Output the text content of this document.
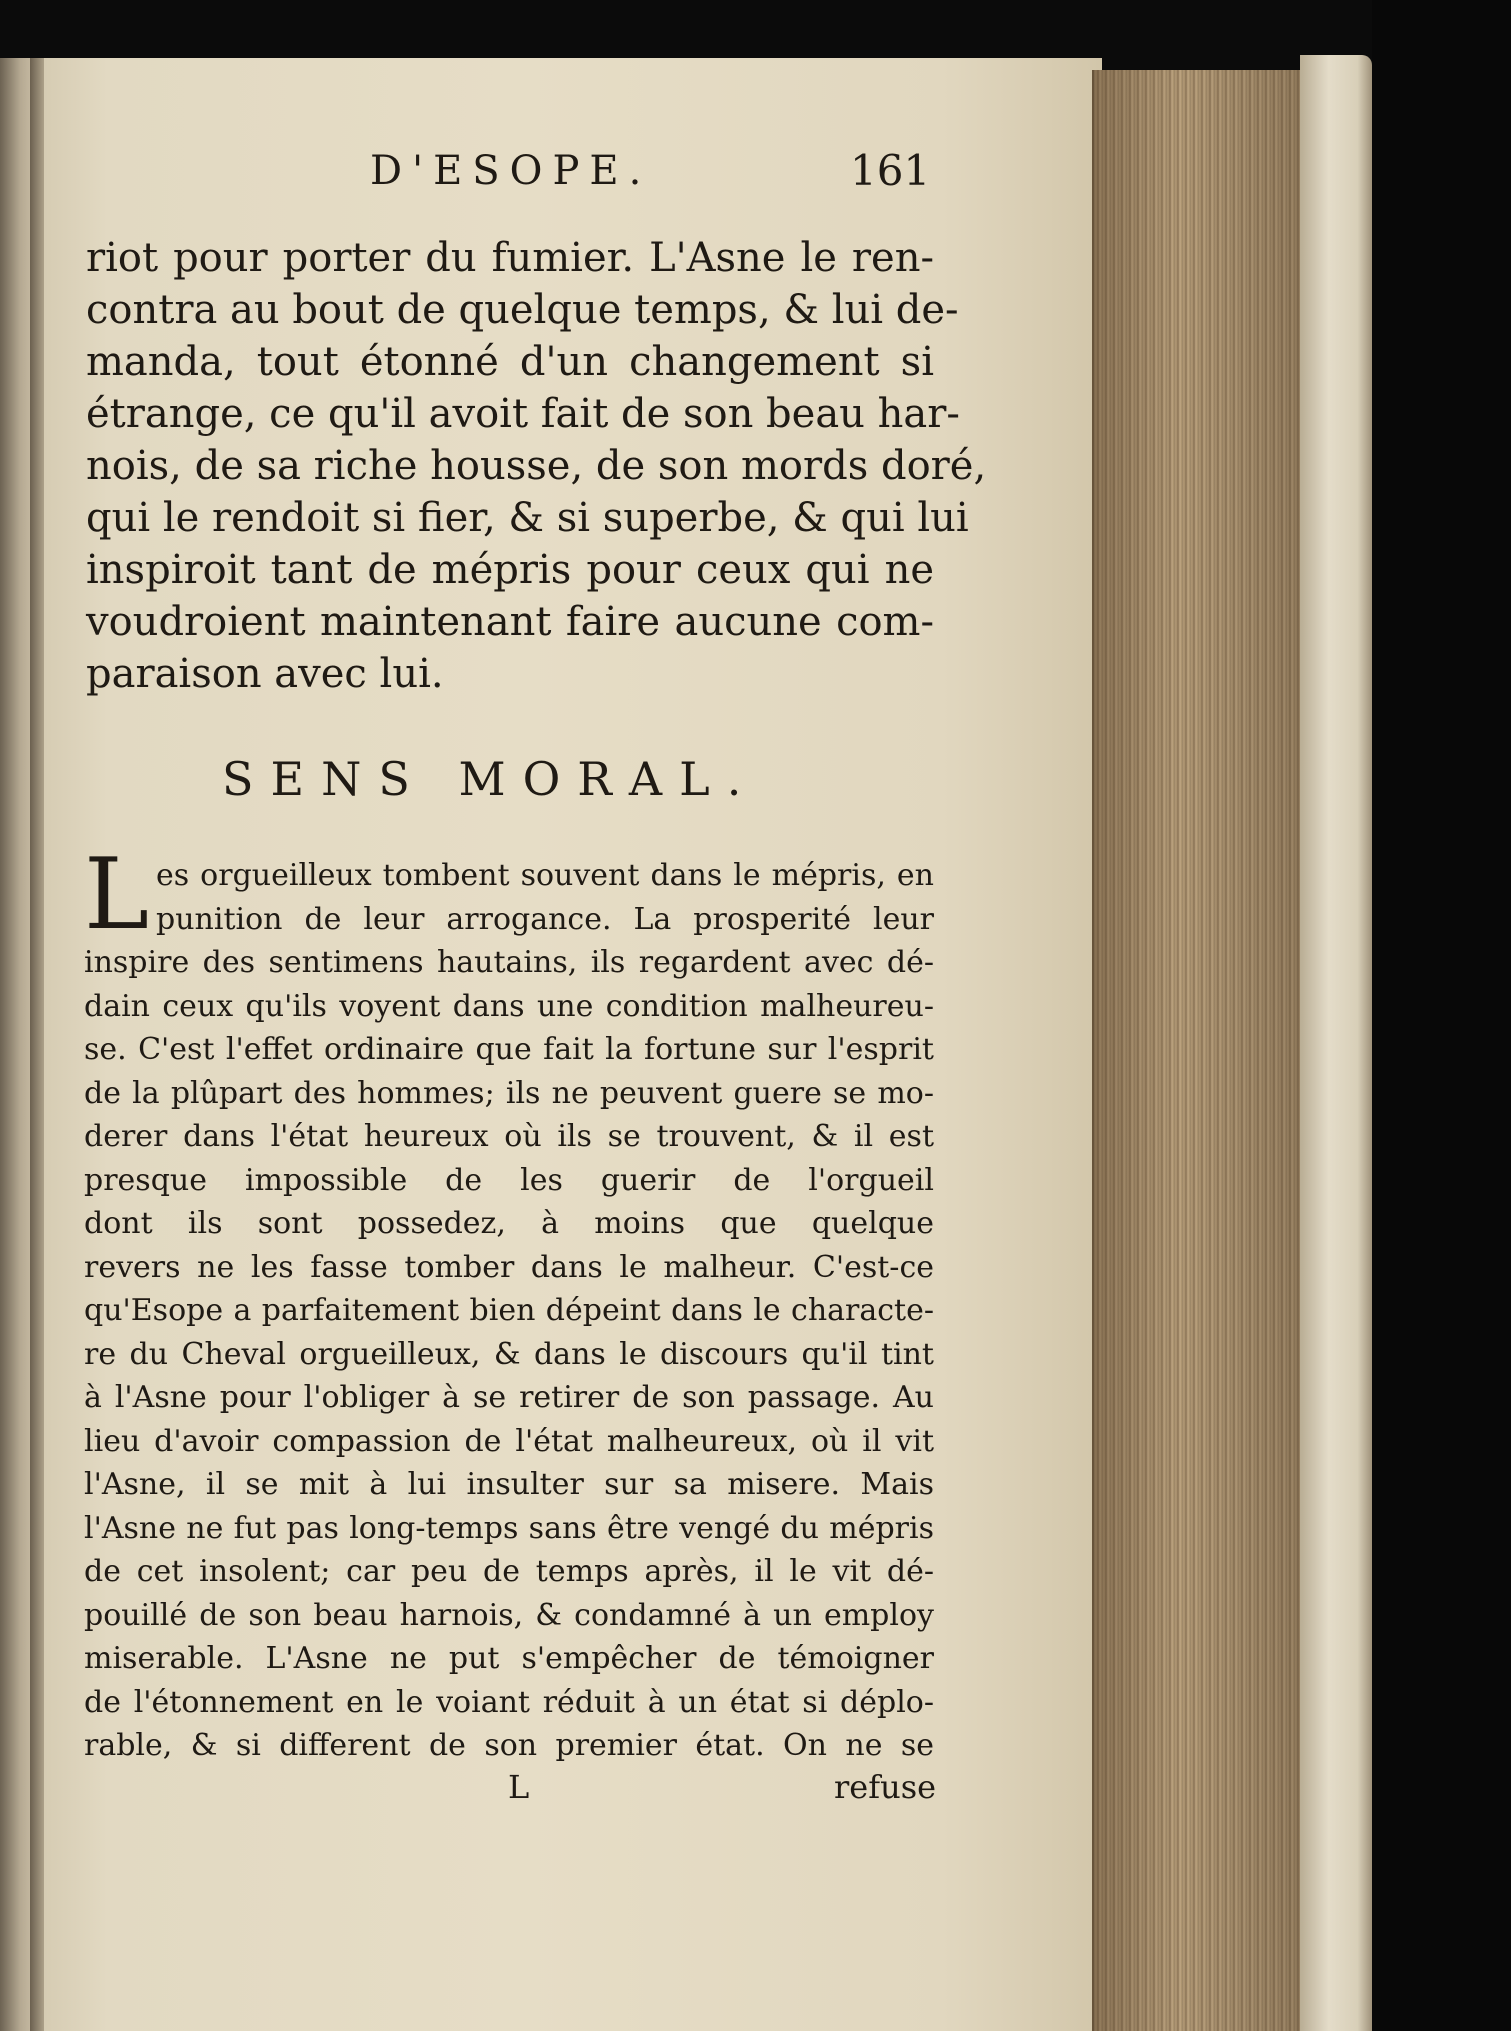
D'ESOPE.	161
riot pour porter du fumier. L'Asne le ren-
contra au bout de quelque temps, & lui de-
manda, tout étonné d'un changement si
étrange, ce qu'il avoit fait de son beau har-
nois, de sa riche housse, de son mords doré,
qui le rendoit si fier, & si superbe, & qui lui
inspiroit tant de mépris pour ceux qui ne
voudroient maintenant faire aucune com-
paraison avec lui.
SENS MORAL.
L es orgueilleux tombent souvent dans le mépris, en
punition de leur arrogance. La prosperité leur
inspire des sentimens hautains, ils regardent avec dé-
dain ceux qu'ils voyent dans une condition malheureu-
se. C'est l'effet ordinaire que fait la fortune sur l'esprit
de la plûpart des hommes; ils ne peuvent guere se mo-
derer dans l'état heureux où ils se trouvent, & il est
presque impossible de les guerir de l'orgueil
dont ils sont possedez, à moins que quelque
revers ne les fasse tomber dans le malheur. C'est-ce
qu'Esope a parfaitement bien dépeint dans le characte-
re du Cheval orgueilleux, & dans le discours qu'il tint
à l'Asne pour l'obliger à se retirer de son passage. Au
lieu d'avoir compassion de l'état malheureux, où il vit
l'Asne, il se mit à lui insulter sur sa misere. Mais
l'Asne ne fut pas long-temps sans être vengé du mépris
de cet insolent; car peu de temps après, il le vit dé-
pouillé de son beau harnois, & condamné à un employ
miserable. L'Asne ne put s'empêcher de témoigner
de l'étonnement en le voiant réduit à un état si déplo-
rable, & si different de son premier état. On ne se
L	refuse
